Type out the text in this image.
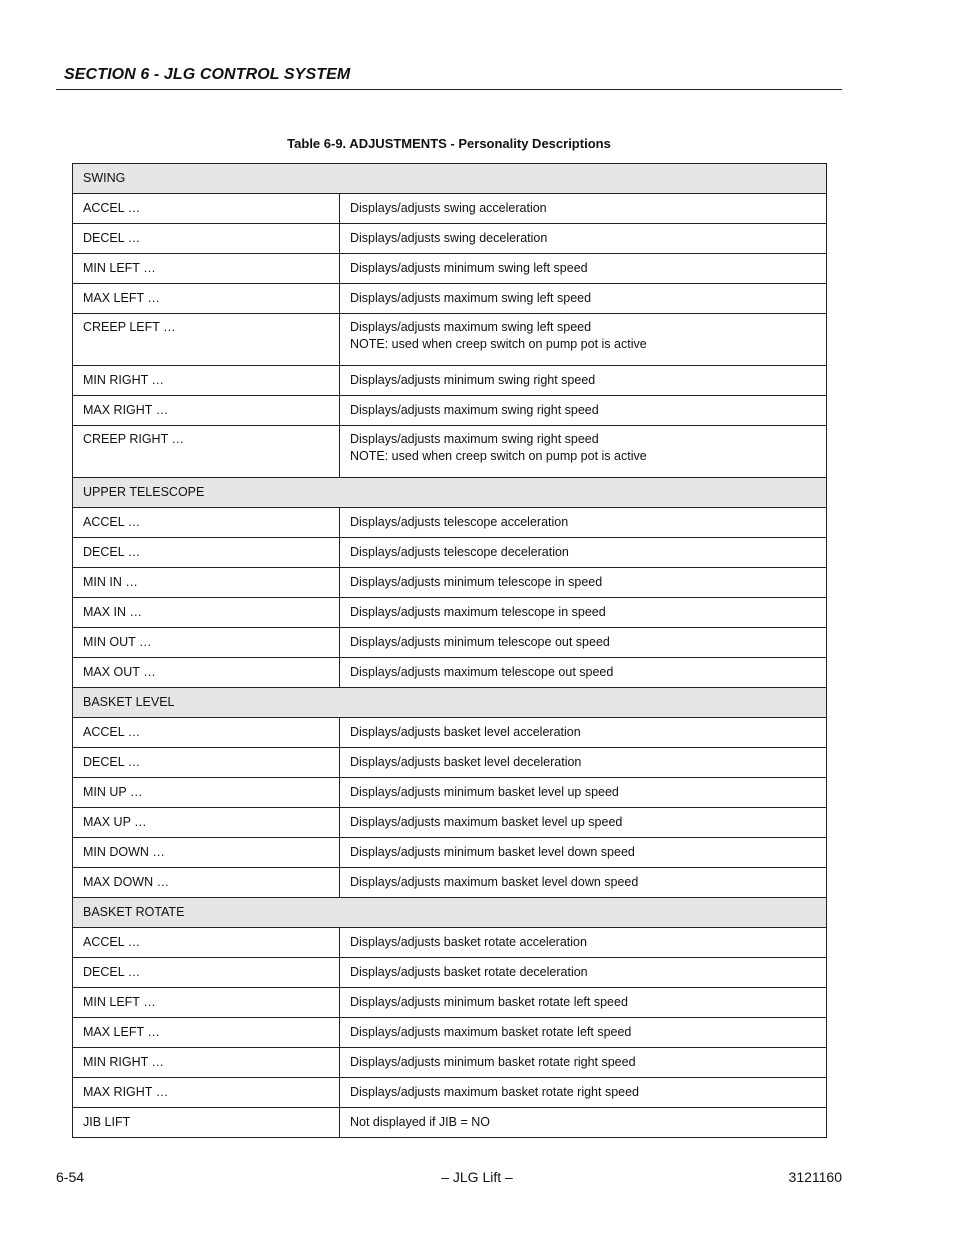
SECTION 6 - JLG CONTROL SYSTEM
Table 6-9. ADJUSTMENTS - Personality Descriptions
SWING	
ACCEL …	Displays/adjusts swing acceleration

DECEL …	Displays/adjusts swing deceleration

MIN LEFT …	Displays/adjusts minimum swing left speed

MAX LEFT …	Displays/adjusts maximum swing left speed

CREEP LEFT …	Displays/adjusts maximum swing left speed
NOTE: used when creep switch on pump pot is active

MIN RIGHT …	Displays/adjusts minimum swing right speed

MAX RIGHT …	Displays/adjusts maximum swing right speed

CREEP RIGHT …	Displays/adjusts maximum swing right speed
NOTE: used when creep switch on pump pot is active

UPPER TELESCOPE	
ACCEL …	Displays/adjusts telescope acceleration

DECEL …	Displays/adjusts telescope deceleration

MIN IN …	Displays/adjusts minimum telescope in speed

MAX IN …	Displays/adjusts maximum telescope in speed

MIN OUT …	Displays/adjusts minimum telescope out speed

MAX OUT …	Displays/adjusts maximum telescope out speed

BASKET LEVEL	
ACCEL …	Displays/adjusts basket level acceleration

DECEL …	Displays/adjusts basket level deceleration

MIN UP …	Displays/adjusts minimum basket level up speed

MAX UP …	Displays/adjusts maximum basket level up speed

MIN DOWN …	Displays/adjusts minimum basket level down speed

MAX DOWN …	Displays/adjusts maximum basket level down speed

BASKET ROTATE	
ACCEL …	Displays/adjusts basket rotate acceleration

DECEL …	Displays/adjusts basket rotate deceleration

MIN LEFT …	Displays/adjusts minimum basket rotate left speed

MAX LEFT …	Displays/adjusts maximum basket rotate left speed

MIN RIGHT …	Displays/adjusts minimum basket rotate right speed

MAX RIGHT …	Displays/adjusts maximum basket rotate right speed

JIB LIFT	Not displayed if JIB = NO
6-54	– JLG Lift –	3121160
